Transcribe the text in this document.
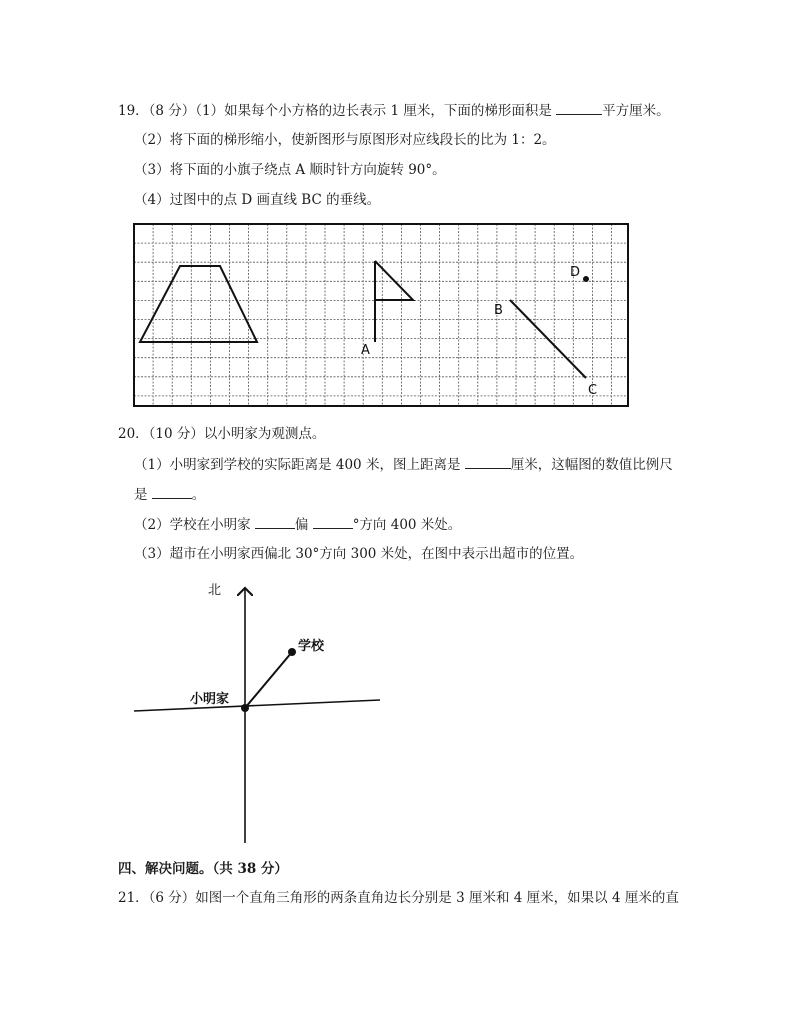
19．（8 分）（1）如果每个小方格的边长表示 1 厘米，下面的梯形面积是	平方厘米。
（2）将下面的梯形缩小，使新图形与原图形对应线段长的比为 1：2。
（3）将下面的小旗子绕点 A 顺时针方向旋转 90°。
（4）过图中的点 D 画直线 BC 的垂线。
A
B
C
D
20．（10 分）以小明家为观测点。
（1）小明家到学校的实际距离是 400 米，图上距离是	厘米，这幅图的数值比例尺
是	。
（2）学校在小明家	偏	°方向 400 米处。
（3）超市在小明家西偏北 30°方向 300 米处，在图中表示出超市的位置。
北
学校
小明家
四、解决问题。（共 38 分）
21．（6 分）如图一个直角三角形的两条直角边长分别是 3 厘米和 4 厘米，如果以 4 厘米的直
